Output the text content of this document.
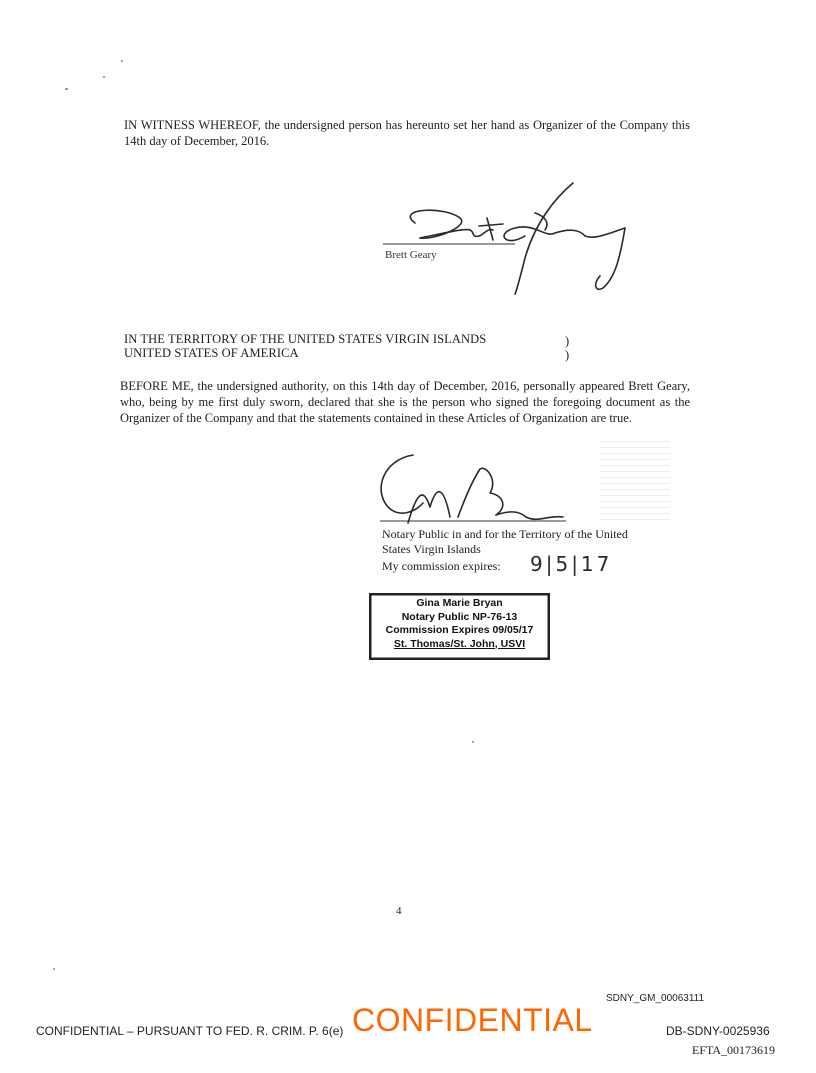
IN WITNESS WHEREOF, the undersigned person has hereunto set her hand as Organizer of the Company this 14th day of December, 2016.
Brett Geary
IN THE TERRITORY OF THE UNITED STATES VIRGIN ISLANDS
UNITED STATES OF AMERICA
)
)
BEFORE ME, the undersigned authority, on this 14th day of December, 2016, personally appeared Brett Geary, who, being by me first duly sworn, declared that she is the person who signed the foregoing document as the Organizer of the Company and that the statements contained in these Articles of Organization are true.
Notary Public in and for the Territory of the United
States Virgin Islands
My commission expires: 9|5|17
Gina Marie Bryan
Notary Public NP-76-13
Commission Expires 09/05/17
St. Thomas/St. John, USVI
4
SDNY_GM_00063111
CONFIDENTIAL – PURSUANT TO FED. R. CRIM. P. 6(e) CONFIDENTIAL	DB-SDNY-0025936
EFTA_00173619
